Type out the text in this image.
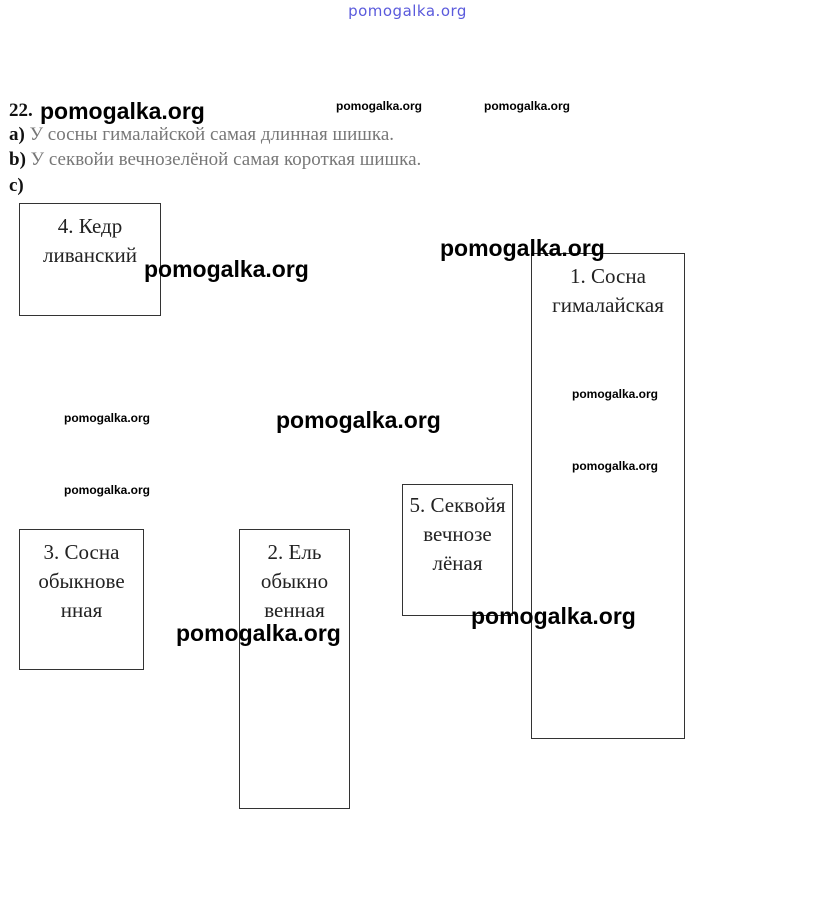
pomogalka.org
22.
a) У сосны гималайской самая длинная шишка.
b) У секвойи вечнозелёной самая короткая шишка.
c)
1. Сосна гималайская
2. Ель обыкно венная
3. Сосна обыкнове нная
4. Кедр ливанский
5. Секвойя вечнозе лёная
pomogalka.org
pomogalka.org
pomogalka.org
pomogalka.org
pomogalka.org
pomogalka.org
pomogalka.org	pomogalka.org
pomogalka.org
pomogalka.org
pomogalka.org
pomogalka.org
